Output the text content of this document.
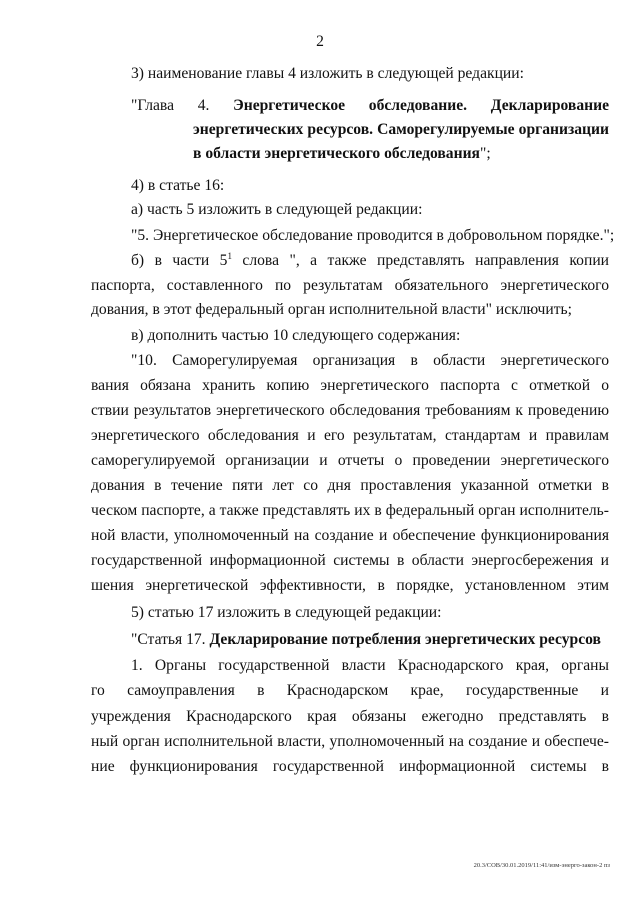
2
3) наименование главы 4 изложить в следующей редакции:
"Глава 4. Энергетическое обследование. Декларирование
энергетических ресурсов. Саморегулируемые организации
в области энергетического обследования";
4) в статье 16:
а) часть 5 изложить в следующей редакции:
"5. Энергетическое обследование проводится в добровольном порядке.";
б) в части $5^1$ слова ", а также представлять направления копии
паспорта, составленного по результатам обязательного энергетического
дования, в этот федеральный орган исполнительной власти" исключить;
в) дополнить частью 10 следующего содержания:
"10. Саморегулируемая организация в области энергетического
вания обязана хранить копию энергетического паспорта с отметкой о
ствии результатов энергетического обследования требованиям к проведению
энергетического обследования и его результатам, стандартам и правилам
саморегулируемой организации и отчеты о проведении энергетического
дования в течение пяти лет со дня проставления указанной отметки в
ческом паспорте, а также представлять их в федеральный орган исполнитель-
ной власти, уполномоченный на создание и обеспечение функционирования
государственной информационной системы в области энергосбережения и
шения энергетической эффективности, в порядке, установленном этим
5) статью 17 изложить в следующей редакции:
"Статья 17. Декларирование потребления энергетических ресурсов
1. Органы государственной власти Краснодарского края, органы
го самоуправления в Краснодарском крае, государственные и
учреждения Краснодарского края обязаны ежегодно представлять в
ный орган исполнительной власти, уполномоченный на создание и обеспече-
ние функционирования государственной информационной системы в
20.3/СОВ/30.01.2019/11:41/изм-энерго-закон-2 пз
